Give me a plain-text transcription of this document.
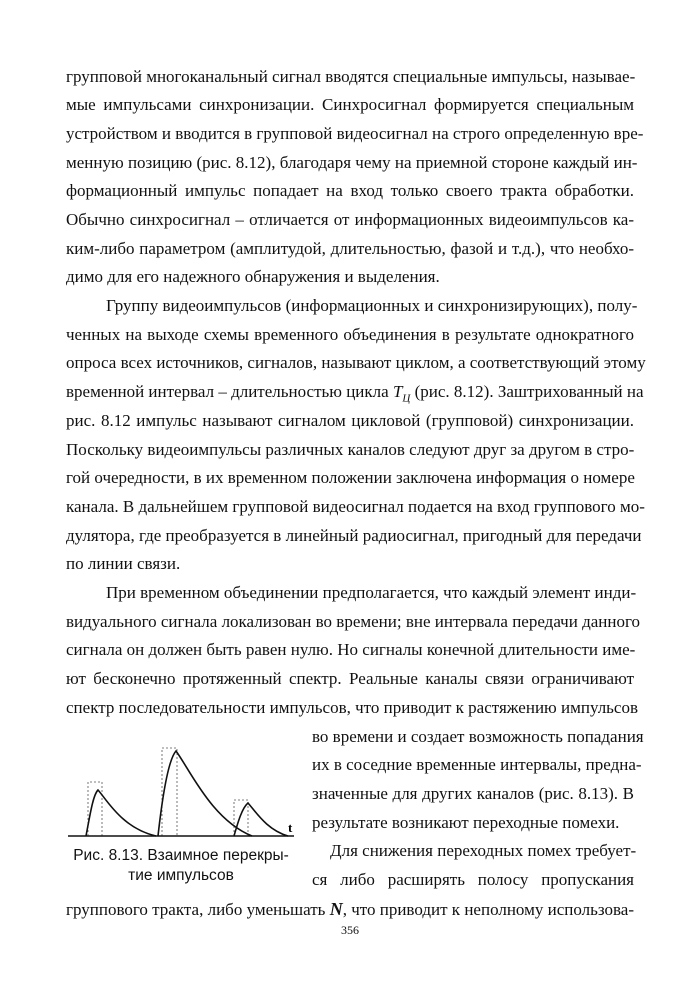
групповой многоканальный сигнал вводятся специальные импульсы, называе-
мые импульсами синхронизации. Синхросигнал формируется специальным
устройством и вводится в групповой видеосигнал на строго определенную вре-
менную позицию (рис. 8.12), благодаря чему на приемной стороне каждый ин-
формационный импульс попадает на вход только своего тракта обработки.
Обычно синхросигнал – отличается от информационных видеоимпульсов ка-
ким-либо параметром (амплитудой, длительностью, фазой и т.д.), что необхо-
димо для его надежного обнаружения и выделения.
Группу видеоимпульсов (информационных и синхронизирующих), полу-
ченных на выходе схемы временного объединения в результате однократного
опроса всех источников, сигналов, называют циклом, а соответствующий этому
временной интервал – длительностью цикла $T_Ц$ (рис. 8.12). Заштрихованный на
рис. 8.12 импульс называют сигналом цикловой (групповой) синхронизации.
Поскольку видеоимпульсы различных каналов следуют друг за другом в стро-
гой очередности, в их временном положении заключена информация о номере
канала. В дальнейшем групповой видеосигнал подается на вход группового мо-
дулятора, где преобразуется в линейный радиосигнал, пригодный для передачи
по линии связи.
При временном объединении предполагается, что каждый элемент инди-
видуального сигнала локализован во времени; вне интервала передачи данного
сигнала он должен быть равен нулю. Но сигналы конечной длительности име-
ют бесконечно протяженный спектр. Реальные каналы связи ограничивают
спектр последовательности импульсов, что приводит к растяжению импульсов
во времени и создает возможность попадания
их в соседние временные интервалы, предна-
значенные для других каналов (рис. 8.13). В
результате возникают переходные помехи.
Для снижения переходных помех требует-
ся либо расширять полосу пропускания
группового тракта, либо уменьшать N, что приводит к неполному использова-
t
Рис. 8.13. Взаимное перекры-
тие импульсов
356
